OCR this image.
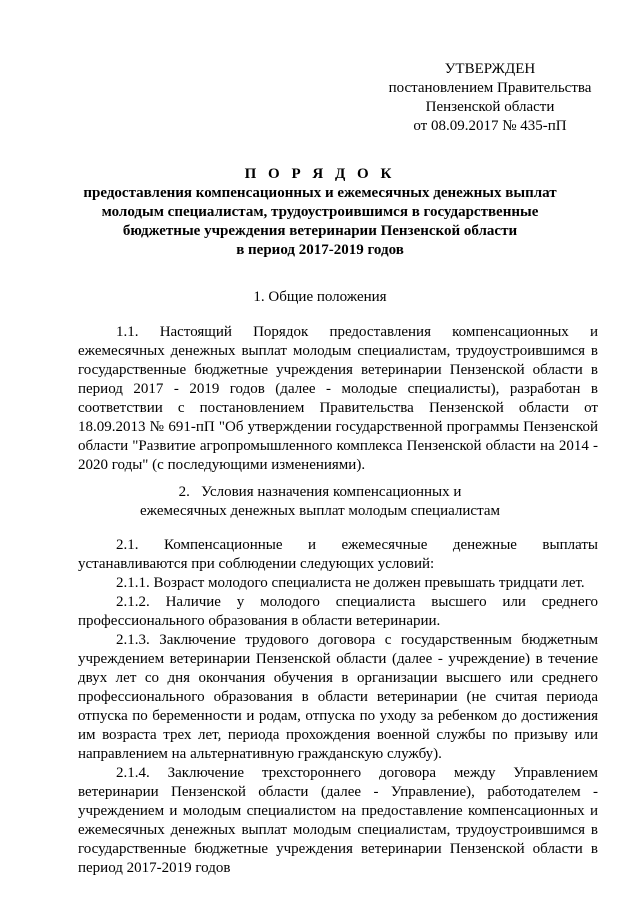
УТВЕРЖДЕН
постановлением Правительства
Пензенской области
от 08.09.2017 № 435-пП
П О Р Я Д О К
предоставления компенсационных и ежемесячных денежных выплат
молодым специалистам, трудоустроившимся в государственные
бюджетные учреждения ветеринарии Пензенской области
в период 2017-2019 годов
1. Общие положения

1.1. Настоящий Порядок предоставления компенсационных и ежемесячных денежных выплат молодым специалистам, трудоустроившимся в государственные бюджетные учреждения ветеринарии Пензенской области в период 2017 - 2019 годов (далее - молодые специалисты), разработан в соответствии с постановлением Правительства Пензенской области от 18.09.2013 № 691-пП "Об утверждении государственной программы Пензенской области "Развитие агропромышленного комплекса Пензенской области на 2014 - 2020 годы" (с последующими изменениями).

2.   Условия назначения компенсационных и
ежемесячных денежных выплат молодым специалистам

2.1. Компенсационные и ежемесячные денежные выплаты устанавливаются при соблюдении следующих условий:

2.1.1. Возраст молодого специалиста не должен превышать тридцати лет.

2.1.2. Наличие у молодого специалиста высшего или среднего профессионального образования в области ветеринарии.

2.1.3. Заключение трудового договора с государственным бюджетным учреждением ветеринарии Пензенской области (далее - учреждение) в течение двух лет со дня окончания обучения в организации высшего или среднего профессионального образования в области ветеринарии (не считая периода отпуска по беременности и родам, отпуска по уходу за ребенком до достижения им возраста трех лет, периода прохождения военной службы по призыву или направлением на альтернативную гражданскую службу).

2.1.4. Заключение трехстороннего договора между Управлением ветеринарии Пензенской области (далее - Управление), работодателем - учреждением и молодым специалистом на предоставление компенсационных и ежемесячных денежных выплат молодым специалистам, трудоустроившимся в государственные бюджетные учреждения ветеринарии Пензенской области в период 2017-2019 годов
